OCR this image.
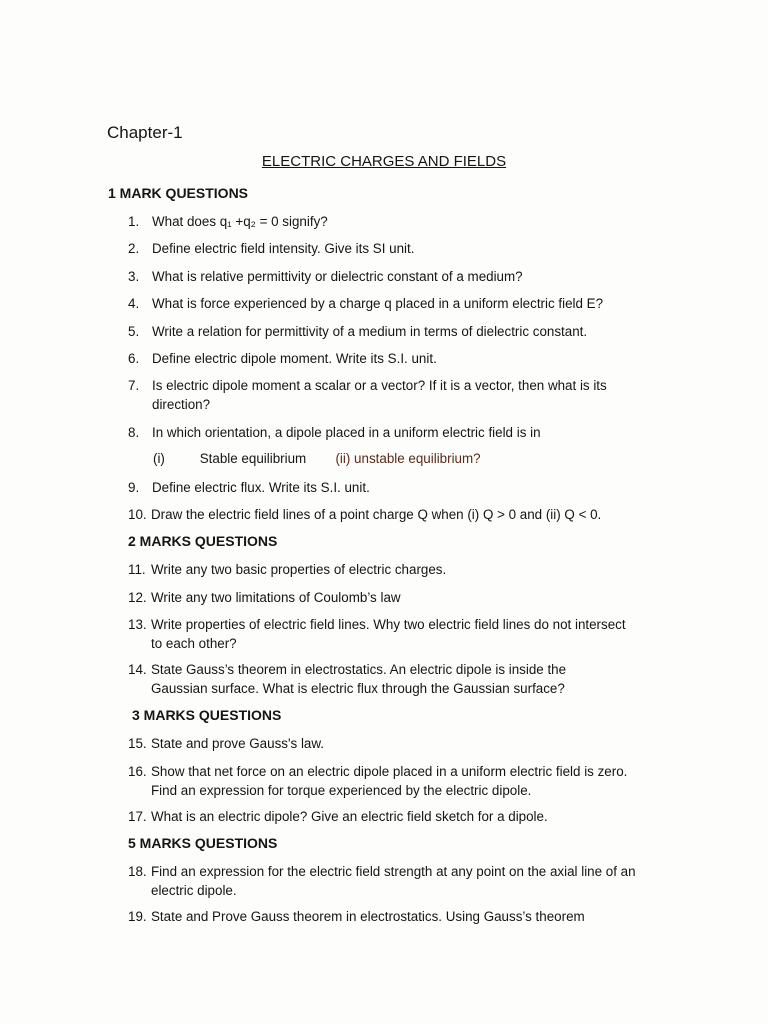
Chapter-1
ELECTRIC CHARGES AND FIELDS
1 MARK QUESTIONS
1. What does q₁ +q₂ = 0 signify?
2. Define electric field intensity. Give its SI unit.
3. What is relative permittivity or dielectric constant of a medium?
4. What is force experienced by a charge q placed in a uniform electric field E?
5. Write a relation for permittivity of a medium in terms of dielectric constant.
6. Define electric dipole moment. Write its S.I. unit.
7. Is electric dipole moment a scalar or a vector? If it is a vector, then what is its direction?
8. In which orientation, a dipole placed in a uniform electric field is in
(i)	Stable equilibrium (ii) unstable equilibrium?
9. Define electric flux. Write its S.I. unit.
10. Draw the electric field lines of a point charge Q when (i) Q > 0 and (ii) Q < 0.
2 MARKS QUESTIONS
11. Write any two basic properties of electric charges.
12. Write any two limitations of Coulomb’s law
13. Write properties of electric field lines. Why two electric field lines do not intersect to each other?
14. State Gauss’s theorem in electrostatics. An electric dipole is inside the Gaussian surface. What is electric flux through the Gaussian surface?
3 MARKS QUESTIONS
15. State and prove Gauss's law.
16. Show that net force on an electric dipole placed in a uniform electric field is zero. Find an expression for torque experienced by the electric dipole.
17. What is an electric dipole? Give an electric field sketch for a dipole.
5 MARKS QUESTIONS
18. Find an expression for the electric field strength at any point on the axial line of an electric dipole.
19. State and Prove Gauss theorem in electrostatics. Using Gauss’s theorem
